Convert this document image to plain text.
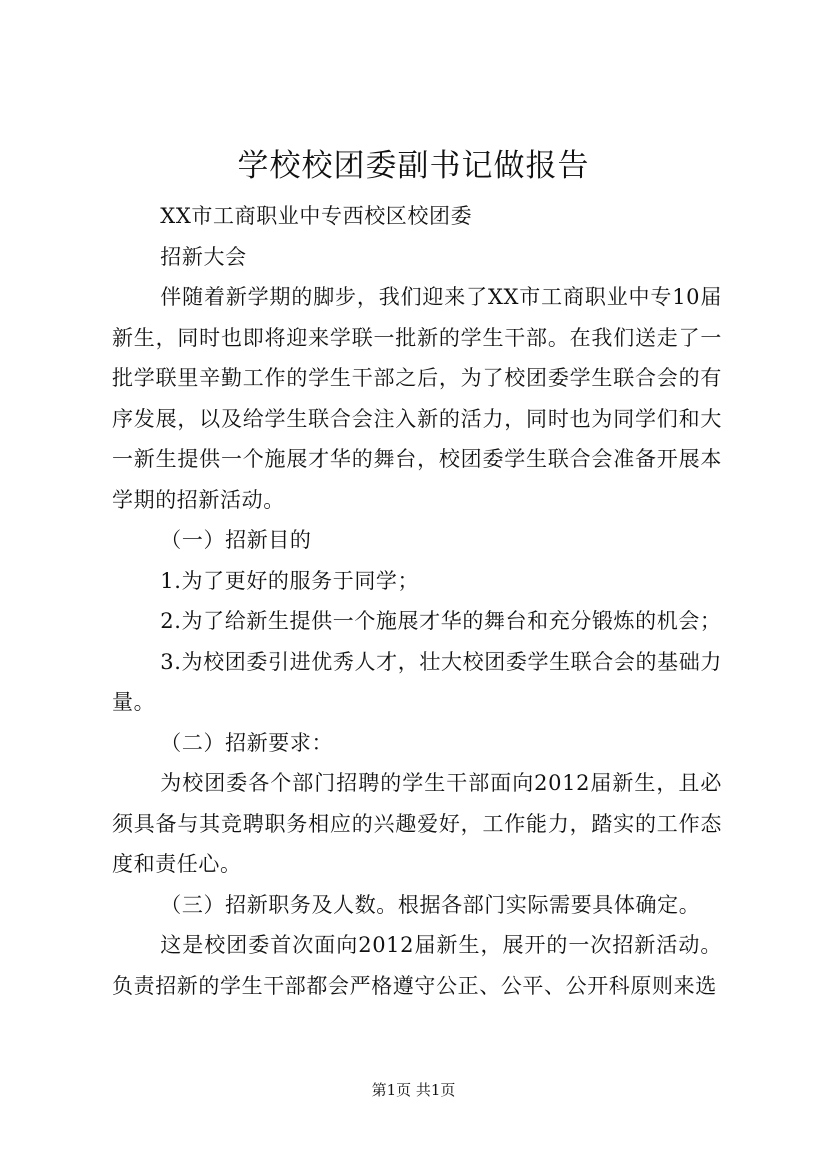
学校校团委副书记做报告

XX市工商职业中专西校区校团委

招新大会

伴随着新学期的脚步，我们迎来了XX市工商职业中专10届新生，同时也即将迎来学联一批新的学生干部。在我们送走了一批学联里辛勤工作的学生干部之后，为了校团委学生联合会的有序发展，以及给学生联合会注入新的活力，同时也为同学们和大一新生提供一个施展才华的舞台，校团委学生联合会准备开展本学期的招新活动。

（一）招新目的

1.为了更好的服务于同学；

2.为了给新生提供一个施展才华的舞台和充分锻炼的机会；

3.为校团委引进优秀人才，壮大校团委学生联合会的基础力量。

（二）招新要求：

为校团委各个部门招聘的学生干部面向2012届新生，且必须具备与其竞聘职务相应的兴趣爱好，工作能力，踏实的工作态度和责任心。

（三）招新职务及人数。根据各部门实际需要具体确定。

这是校团委首次面向2012届新生，展开的一次招新活动。负责招新的学生干部都会严格遵守公正、公平、公开科原则来选

第1页 共1页
